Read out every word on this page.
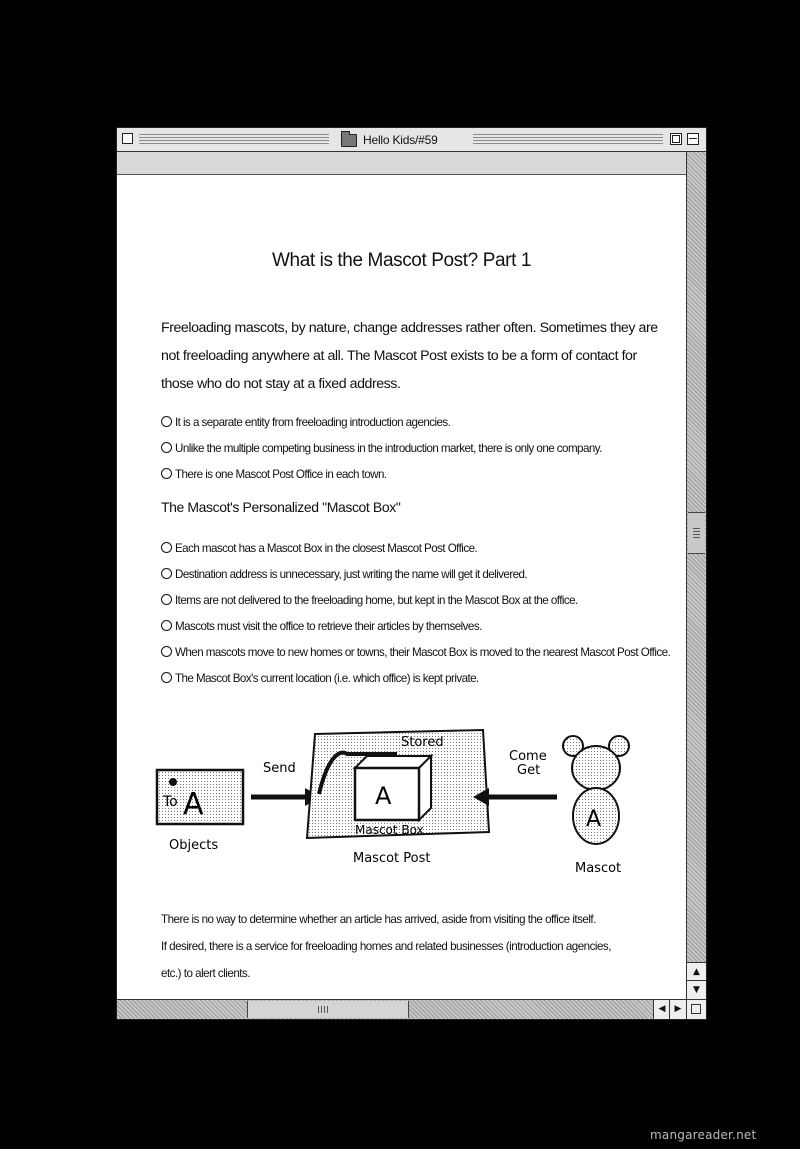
Hello Kids/#59
▲
▼
◀	▶
What is the Mascot Post? Part 1

Freeloading mascots, by nature, change addresses rather often. Sometimes they are

not freeloading anywhere at all. The Mascot Post exists to be a form of contact for

those who do not stay at a fixed address.

It is a separate entity from freeloading introduction agencies.
Unlike the multiple competing business in the introduction market, there is only one company.
There is one Mascot Post Office in each town.
The Mascot's Personalized "Mascot Box"
Each mascot has a Mascot Box in the closest Mascot Post Office.
Destination address is unnecessary, just writing the name will get it delivered.
Items are not delivered to the freeloading home, but kept in the Mascot Box at the office.
Mascots must visit the office to retrieve their articles by themselves.
When mascots move to new homes or towns, their Mascot Box is moved to the nearest Mascot Post Office.
The Mascot Box's current location (i.e. which office) is kept private.
To A
Objects
Send
Mascot Post
Stored
A
Mascot Box
Come
Get
A
Mascot

There is no way to determine whether an article has arrived, aside from visiting the office itself.

If desired, there is a service for freeloading homes and related businesses (introduction agencies,

etc.) to alert clients.

mangareader.net
